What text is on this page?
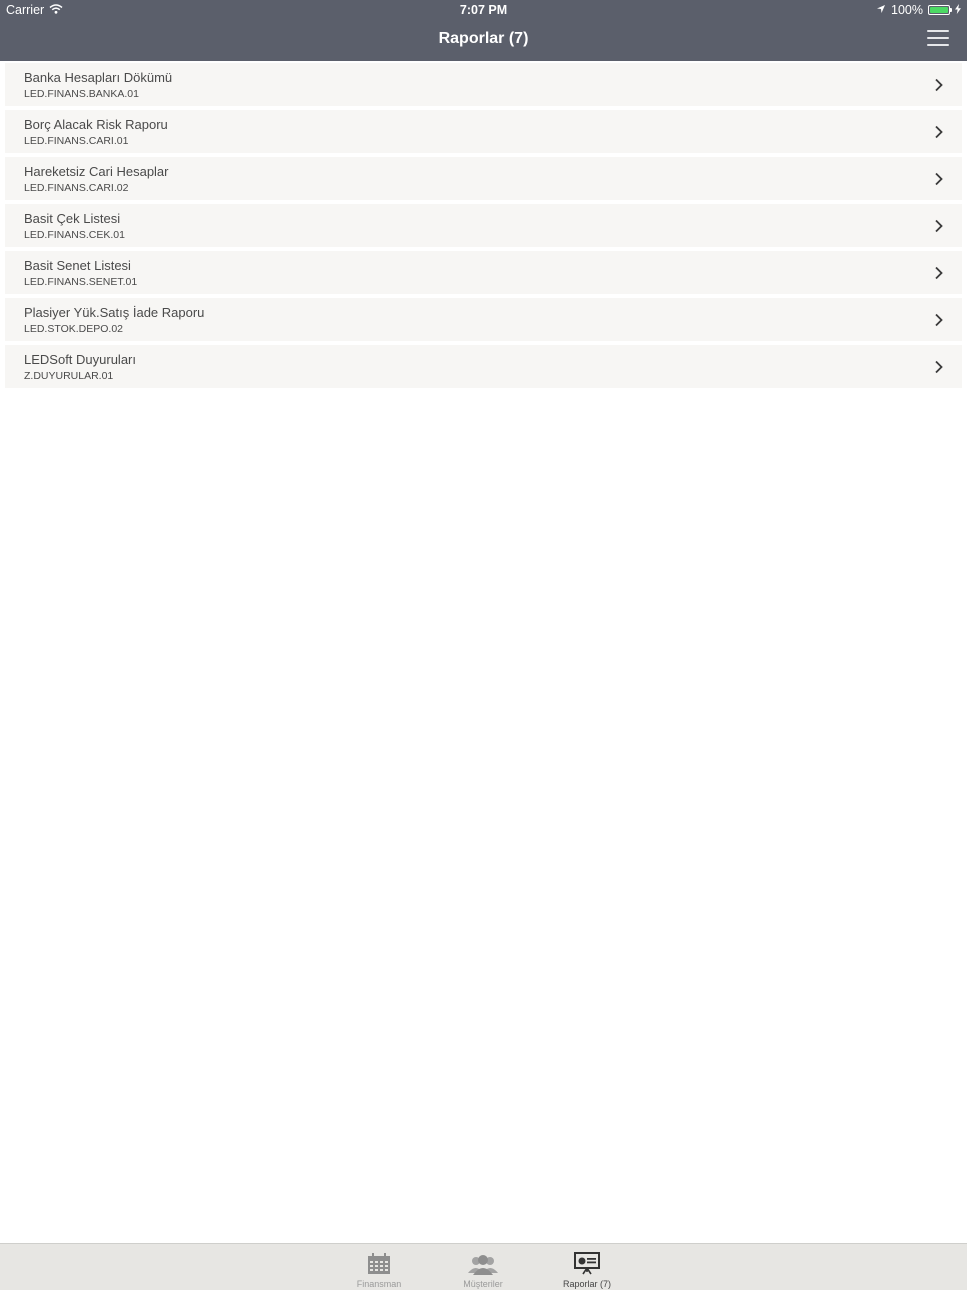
Carrier	7:07 PM	100%
Raporlar (7)
Banka Hesapları Dökümü
LED.FINANS.BANKA.01
Borç Alacak Risk Raporu
LED.FINANS.CARI.01
Hareketsiz Cari Hesaplar
LED.FINANS.CARI.02
Basit Çek Listesi
LED.FINANS.CEK.01
Basit Senet Listesi
LED.FINANS.SENET.01
Plasiyer Yük.Satış İade Raporu
LED.STOK.DEPO.02
LEDSoft Duyuruları
Z.DUYURULAR.01
Finansman	Müşteriler	Raporlar (7)
